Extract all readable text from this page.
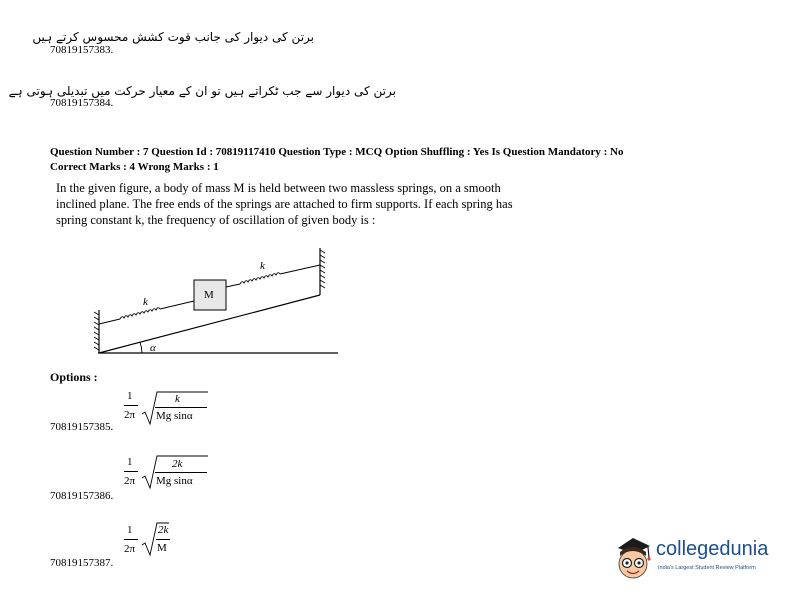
70819157383.
برتن کی دیوار کی جانب قوت کشش محسوس کرتے ہیں
70819157384.
برتن کی دیوار سے جب ٹکراتے ہیں تو ان کے معیار حرکت میں تبدیلی ہوتی ہے
Question Number : 7 Question Id : 70819117410 Question Type : MCQ Option Shuffling : Yes Is Question Mandatory : No
Correct Marks : 4 Wrong Marks : 1
In the given figure, a body of mass M is held between two massless springs, on a smooth
inclined plane. The free ends of the springs are attached to firm supports. If each spring has
spring constant k, the frequency of oscillation of given body is :
k
M
k
α
Options :
70819157385.
1
2π
k
Mg sinα
70819157386.
1
2π
2k
Mg sinα
70819157387.
1
2π
2k
M	collegedunia
India's Largest Student Review Platform
